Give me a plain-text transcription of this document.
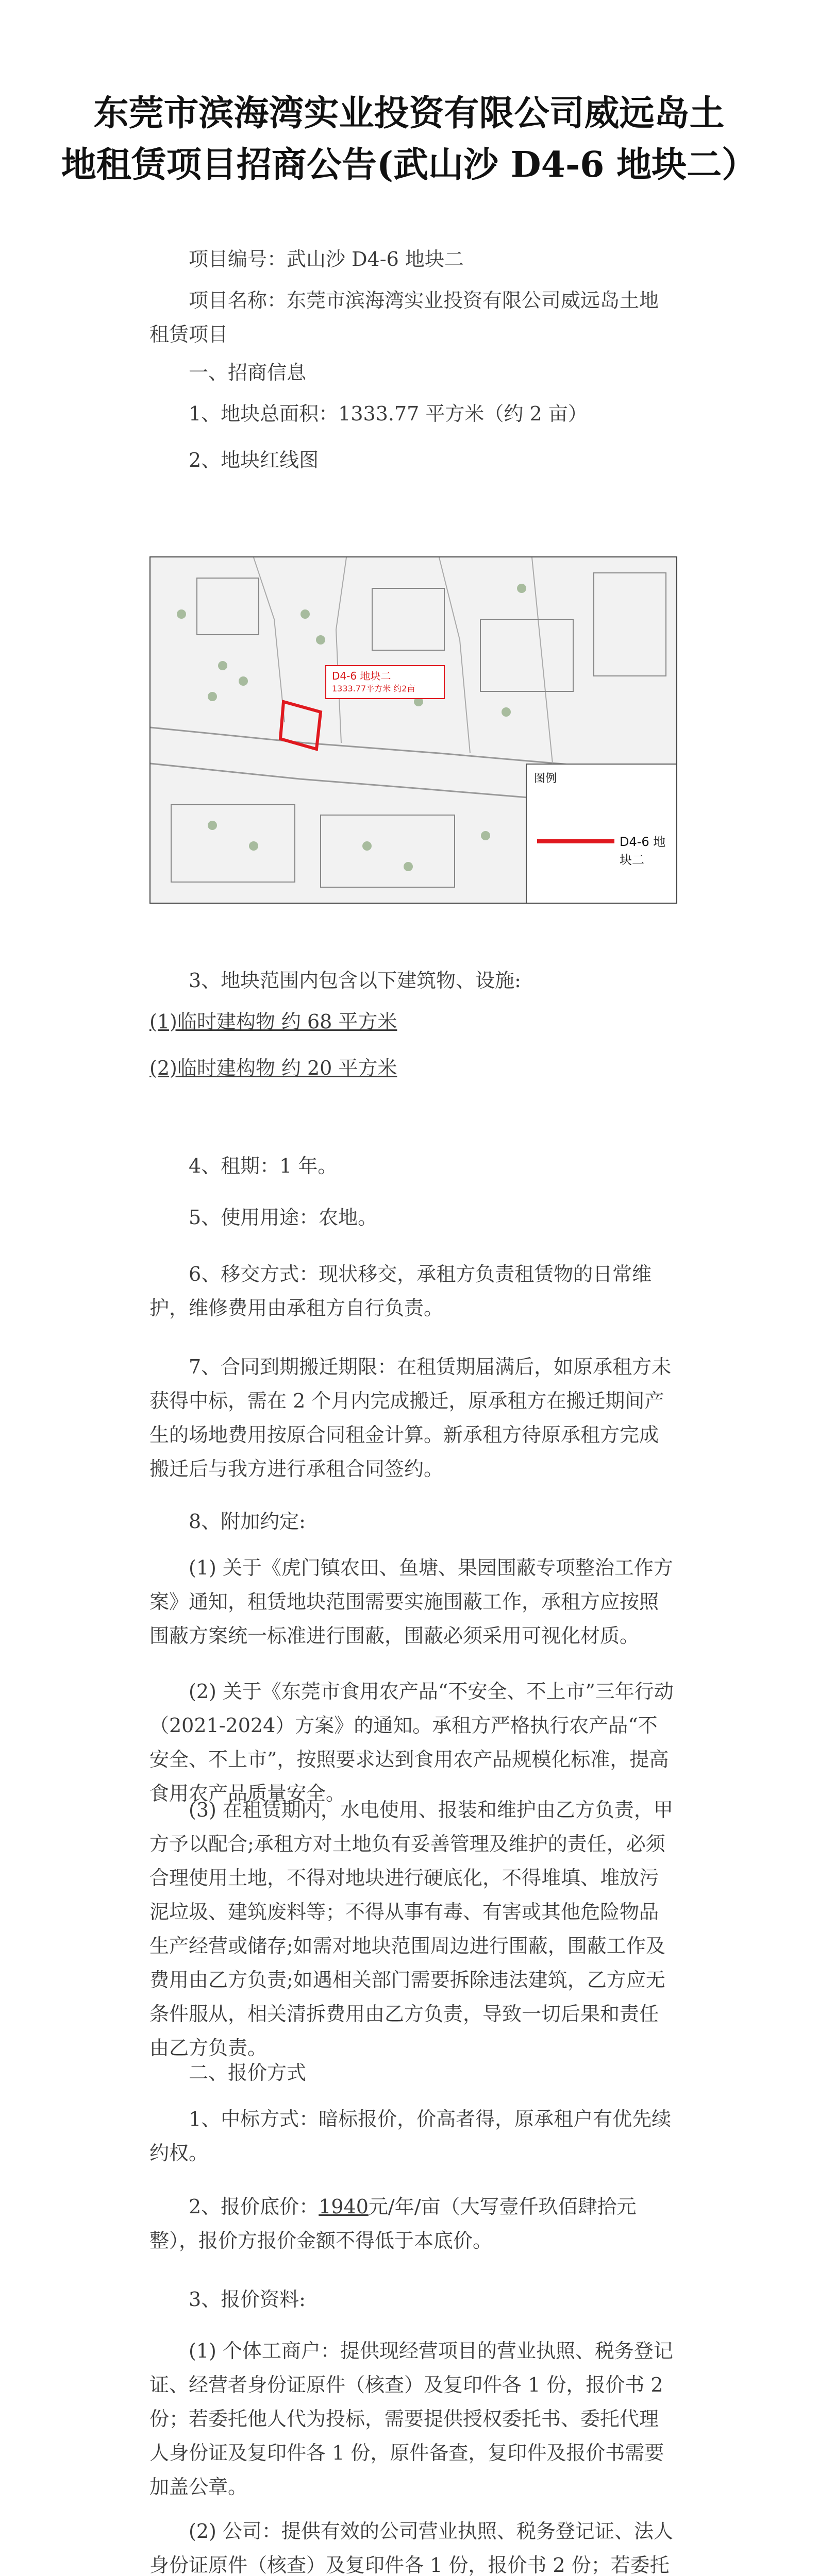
东莞市滨海湾实业投资有限公司威远岛土
地租赁项目招商公告(武山沙 D4-6 地块二）
项目编号：武山沙 D4-6 地块二
项目名称：东莞市滨海湾实业投资有限公司威远岛土地租赁项目
一、招商信息
1、地块总面积：1333.77 平方米（约 2 亩）
2、地块红线图
D4-6 地块二
1333.77平方米 约2亩
图例
D4-6 地块二
3、地块范围内包含以下建筑物、设施:
(1)临时建构物 约 68 平方米
(2)临时建构物 约 20 平方米
4、租期：1 年。
5、使用用途：农地。
6、移交方式：现状移交，承租方负责租赁物的日常维护，维修费用由承租方自行负责。
7、合同到期搬迁期限：在租赁期届满后，如原承租方未获得中标，需在 2 个月内完成搬迁，原承租方在搬迁期间产生的场地费用按原合同租金计算。新承租方待原承租方完成搬迁后与我方进行承租合同签约。
8、附加约定:
(1) 关于《虎门镇农田、鱼塘、果园围蔽专项整治工作方案》通知，租赁地块范围需要实施围蔽工作，承租方应按照围蔽方案统一标准进行围蔽，围蔽必须采用可视化材质。
(2) 关于《东莞市食用农产品“不安全、不上市”三年行动（2021-2024）方案》的通知。承租方严格执行农产品“不安全、不上市”，按照要求达到食用农产品规模化标准，提高食用农产品质量安全。
(3) 在租赁期内，水电使用、报装和维护由乙方负责，甲方予以配合;承租方对土地负有妥善管理及维护的责任，必须合理使用土地，不得对地块进行硬底化，不得堆填、堆放污泥垃圾、建筑废料等；不得从事有毒、有害或其他危险物品生产经营或储存;如需对地块范围周边进行围蔽，围蔽工作及费用由乙方负责;如遇相关部门需要拆除违法建筑，乙方应无条件服从，相关清拆费用由乙方负责，导致一切后果和责任由乙方负责。
二、报价方式
1、中标方式：暗标报价，价高者得，原承租户有优先续约权。
2、报价底价：1940元/年/亩（大写壹仟玖佰肆拾元整），报价方报价金额不得低于本底价。
3、报价资料:
(1) 个体工商户：提供现经营项目的营业执照、税务登记证、经营者身份证原件（核查）及复印件各 1 份，报价书 2 份；若委托他人代为投标，需要提供授权委托书、委托代理人身份证及复印件各 1 份，原件备查，复印件及报价书需要加盖公章。
(2) 公司：提供有效的公司营业执照、税务登记证、法人身份证原件（核查）及复印件各 1 份，报价书 2 份；若委托
